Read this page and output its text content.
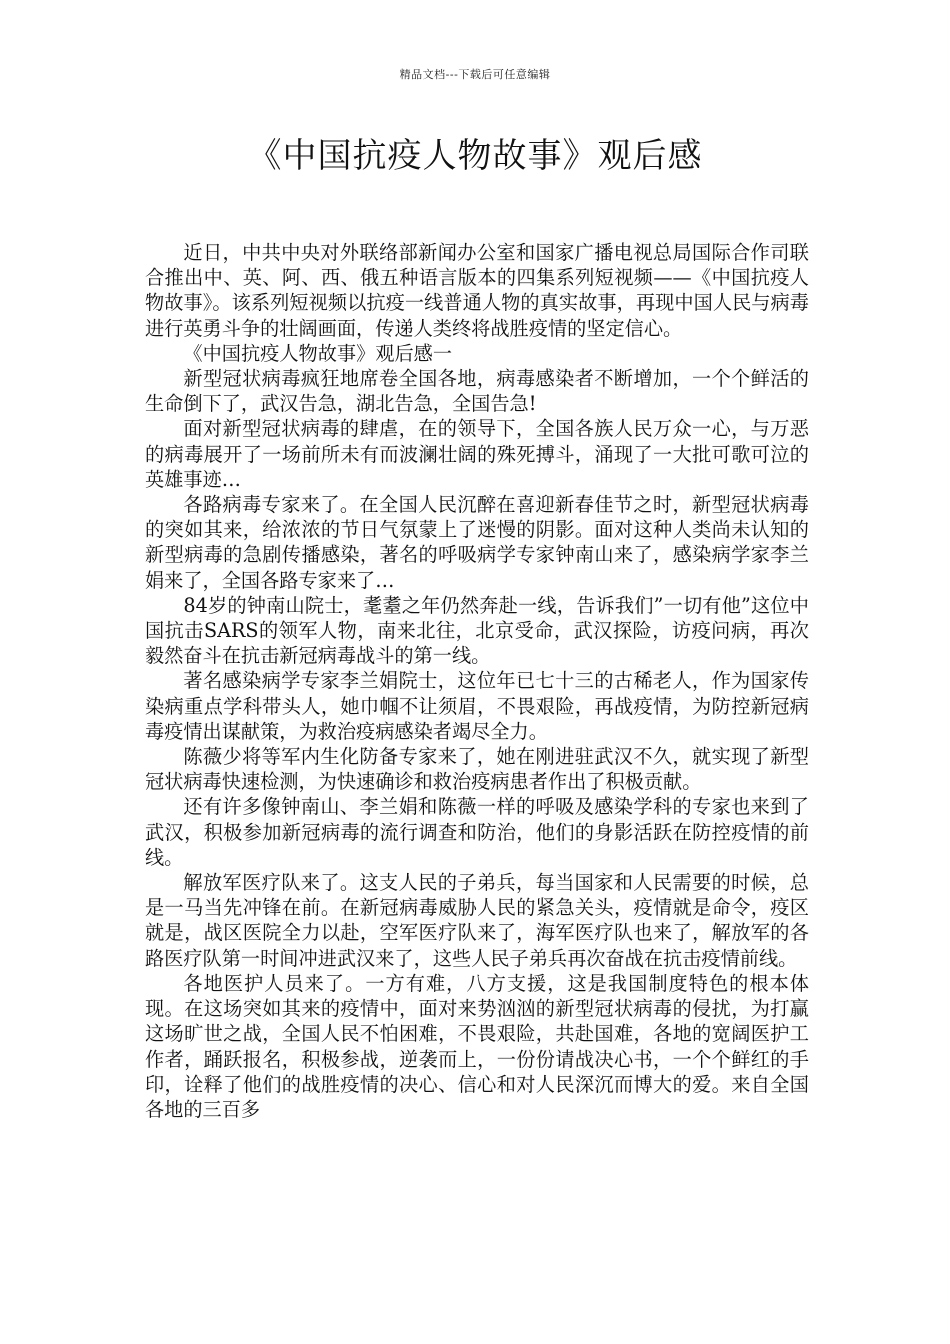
精品文档---下载后可任意编辑
《中国抗疫人物故事》观后感

近日，中共中央对外联络部新闻办公室和国家广播电视总局国际合作司联合推出中、英、阿、西、俄五种语言版本的四集系列短视频——《中国抗疫人物故事》。该系列短视频以抗疫一线普通人物的真实故事，再现中国人民与病毒进行英勇斗争的壮阔画面，传递人类终将战胜疫情的坚定信心。

《中国抗疫人物故事》观后感一

新型冠状病毒疯狂地席卷全国各地，病毒感染者不断增加，一个个鲜活的生命倒下了，武汉告急，湖北告急，全国告急!

面对新型冠状病毒的肆虐，在的领导下，全国各族人民万众一心，与万恶的病毒展开了一场前所未有而波澜壮阔的殊死搏斗，涌现了一大批可歌可泣的英雄事迹…

各路病毒专家来了。在全国人民沉醉在喜迎新春佳节之时，新型冠状病毒的突如其来，给浓浓的节日气氛蒙上了迷慢的阴影。面对这种人类尚未认知的新型病毒的急剧传播感染，著名的呼吸病学专家钟南山来了，感染病学家李兰娟来了，全国各路专家来了…

84岁的钟南山院士，耄耋之年仍然奔赴一线，告诉我们”一切有他”这位中国抗击SARS的领军人物，南来北往，北京受命，武汉探险，访疫问病，再次毅然奋斗在抗击新冠病毒战斗的第一线。

著名感染病学专家李兰娟院士，这位年已七十三的古稀老人，作为国家传染病重点学科带头人，她巾帼不让须眉，不畏艰险，再战疫情，为防控新冠病毒疫情出谋献策，为救治疫病感染者竭尽全力。

陈薇少将等军内生化防备专家来了，她在刚进驻武汉不久，就实现了新型冠状病毒快速检测，为快速确诊和救治疫病患者作出了积极贡献。

还有许多像钟南山、李兰娟和陈薇一样的呼吸及感染学科的专家也来到了武汉，积极参加新冠病毒的流行调查和防治，他们的身影活跃在防控疫情的前线。

解放军医疗队来了。这支人民的子弟兵，每当国家和人民需要的时候，总是一马当先冲锋在前。在新冠病毒威胁人民的紧急关头，疫情就是命令，疫区就是，战区医院全力以赴，空军医疗队来了，海军医疗队也来了，解放军的各路医疗队第一时间冲进武汉来了，这些人民子弟兵再次奋战在抗击疫情前线。

各地医护人员来了。一方有难，八方支援，这是我国制度特色的根本体现。在这场突如其来的疫情中，面对来势汹汹的新型冠状病毒的侵扰，为打赢这场旷世之战，全国人民不怕困难，不畏艰险，共赴国难，各地的宽阔医护工作者，踊跃报名，积极参战，逆袭而上，一份份请战决心书，一个个鲜红的手印，诠释了他们的战胜疫情的决心、信心和对人民深沉而博大的爱。来自全国各地的三百多
